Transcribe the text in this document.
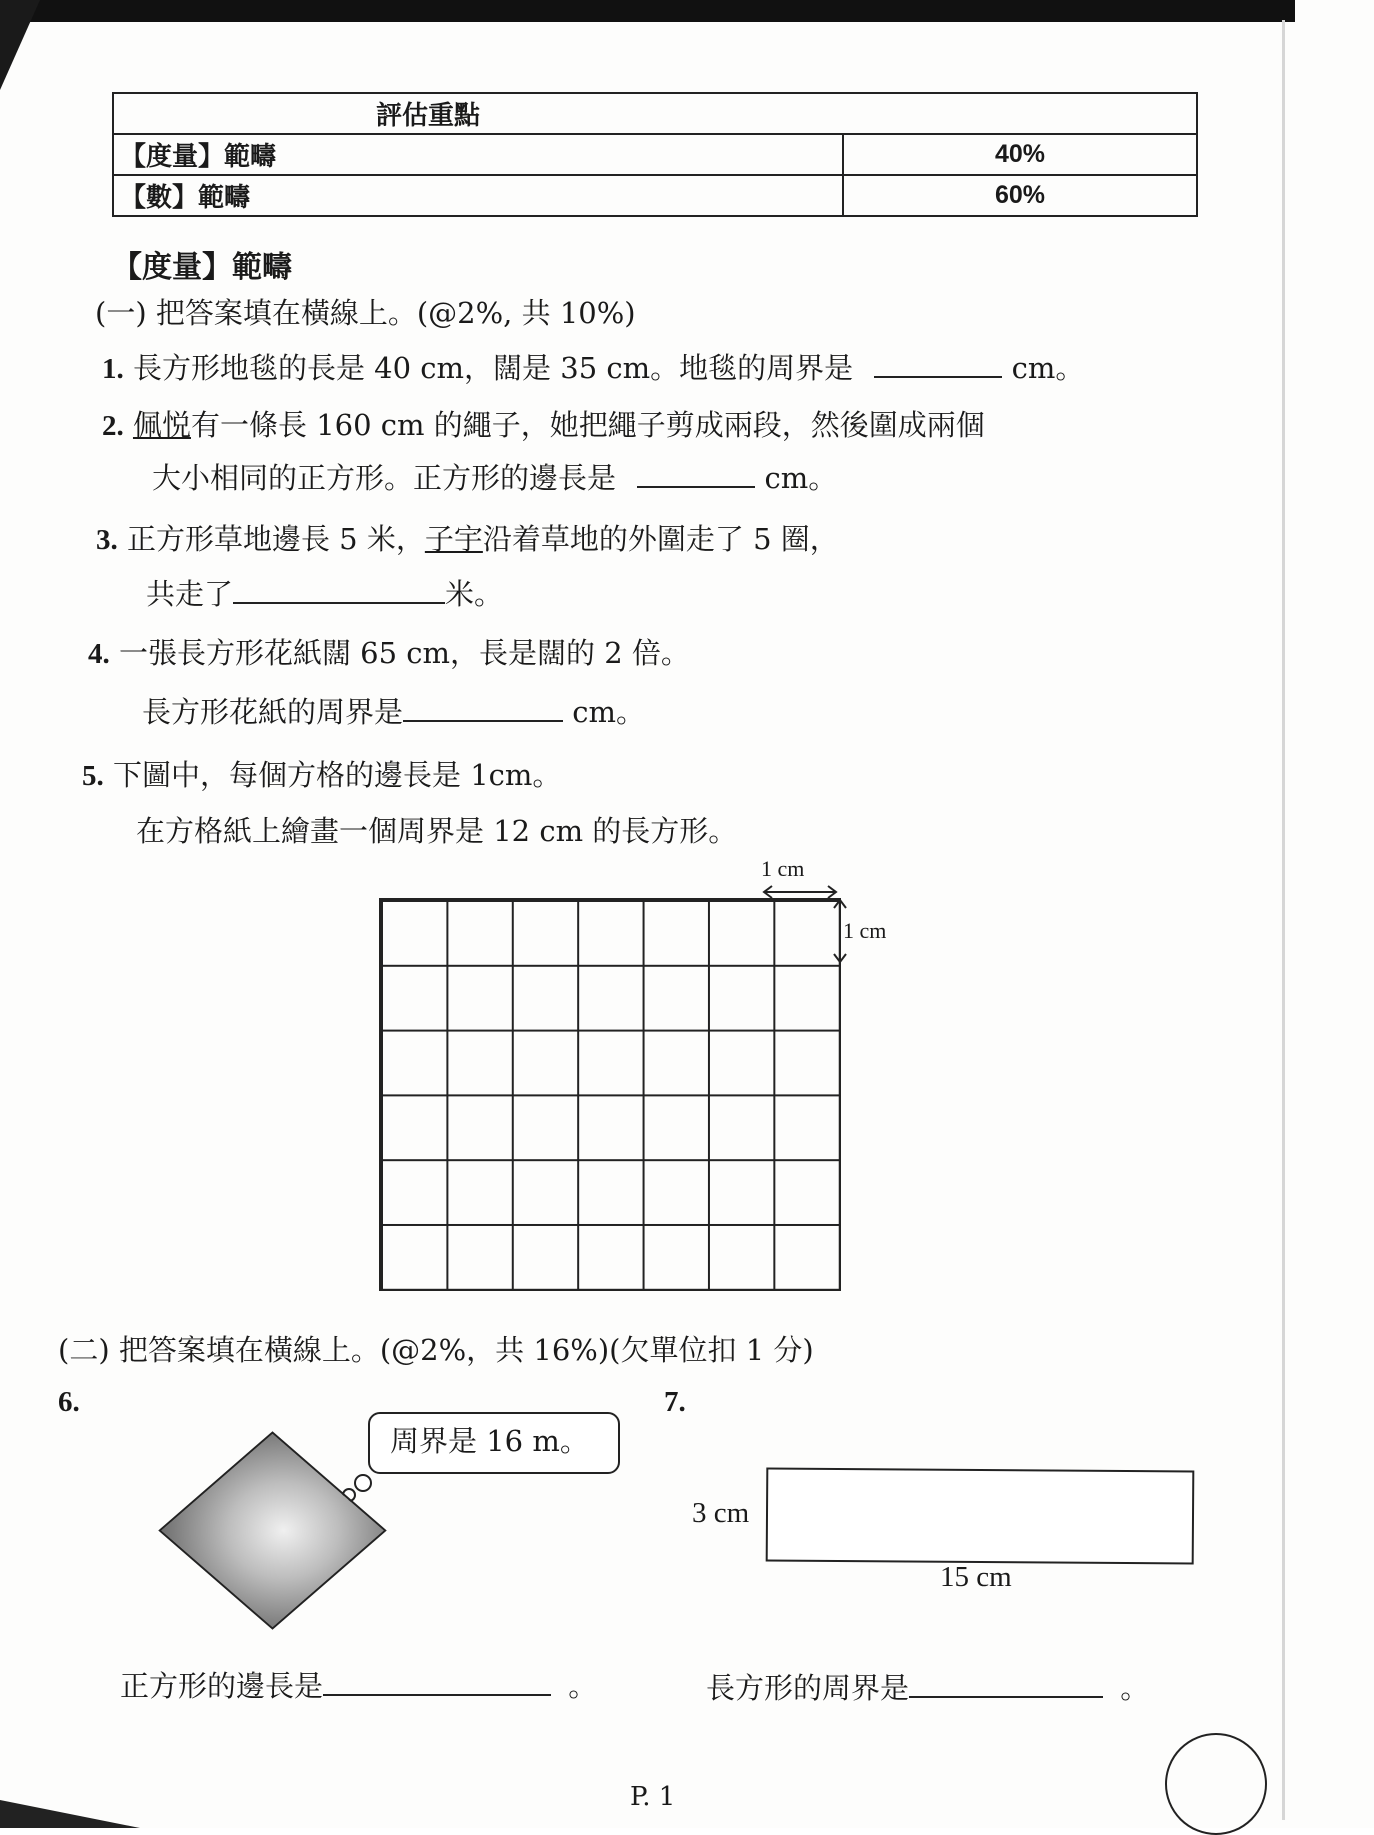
評估重點	
【度量】範疇	40%
【數】範疇	60%
【度量】範疇
(一) 把答案填在橫線上。(@2%, 共 10%)
1. 長方形地毯的長是 40 cm，闊是 35 cm。地毯的周界是	cm。
2. 佩悦有一條長 160 cm 的繩子，她把繩子剪成兩段，然後圍成兩個
大小相同的正方形。正方形的邊長是	cm。
3. 正方形草地邊長 5 米，子宇沿着草地的外圍走了 5 圈，
共走了	米。
4. 一張長方形花紙闊 65 cm，長是闊的 2 倍。
長方形花紙的周界是	cm。
5. 下圖中，每個方格的邊長是 1cm。
在方格紙上繪畫一個周界是 12 cm 的長方形。
1 cm
1 cm
(二) 把答案填在橫線上。(@2%，共 16%)(欠單位扣 1 分)
6.
周界是 16 m。
正方形的邊長是	。
7.
3 cm
15 cm
長方形的周界是	。
P. 1
